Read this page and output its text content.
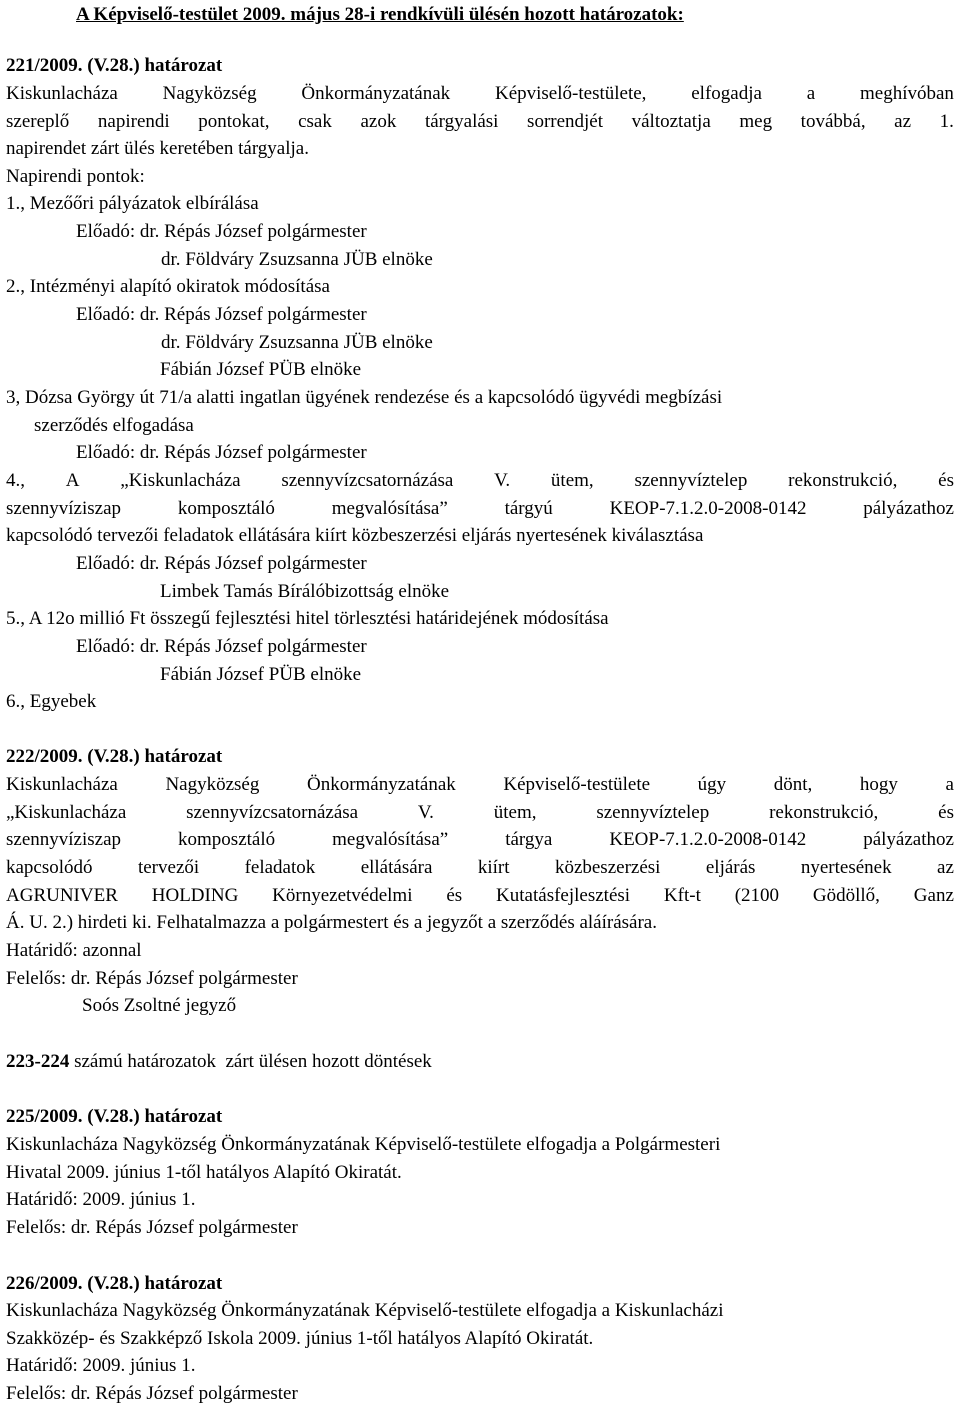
A Képviselő-testület 2009. május 28-i rendkívüli ülésén hozott határozatok:
221/2009. (V.28.) határozat
Kiskunlacháza Nagyközség Önkormányzatának Képviselő-testülete, elfogadja a meghívóban
szereplő napirendi pontokat, csak azok tárgyalási sorrendjét változtatja meg továbbá, az 1.
napirendet zárt ülés keretében tárgyalja.
Napirendi pontok:
1., Mezőőri pályázatok elbírálása
Előadó: dr. Répás József polgármester
dr. Földváry Zsuzsanna JÜB elnöke
2., Intézményi alapító okiratok módosítása
Előadó: dr. Répás József polgármester
dr. Földváry Zsuzsanna JÜB elnöke
Fábián József PÜB elnöke
3, Dózsa György út 71/a alatti ingatlan ügyének rendezése és a kapcsolódó ügyvédi megbízási
szerződés elfogadása
Előadó: dr. Répás József polgármester
4., A „Kiskunlacháza szennyvízcsatornázása V. ütem, szennyvíztelep rekonstrukció, és
szennyvíziszap	komposztáló	megvalósítása”	tárgyú	KEOP-7.1.2.0-2008-0142	pályázathoz
kapcsolódó tervezői feladatok ellátására kiírt közbeszerzési eljárás nyertesének kiválasztása
Előadó: dr. Répás József polgármester
Limbek Tamás Bírálóbizottság elnöke
5., A 12o millió Ft összegű fejlesztési hitel törlesztési határidejének módosítása
Előadó: dr. Répás József polgármester
Fábián József PÜB elnöke
6., Egyebek
222/2009. (V.28.) határozat
Kiskunlacháza	Nagyközség	Önkormányzatának	Képviselő-testülete	úgy	dönt,	hogy	a
„Kiskunlacháza	szennyvízcsatornázása	V.	ütem,	szennyvíztelep	rekonstrukció,	és
szennyvíziszap	komposztáló	megvalósítása”	tárgya	KEOP-7.1.2.0-2008-0142	pályázathoz
kapcsolódó tervezői feladatok ellátására kiírt közbeszerzési eljárás nyertesének az
AGRUNIVER HOLDING Környezetvédelmi és Kutatásfejlesztési Kft-t (2100 Gödöllő, Ganz
Á. U. 2.) hirdeti ki. Felhatalmazza a polgármestert és a jegyzőt a szerződés aláírására.
Határidő: azonnal
Felelős: dr. Répás József polgármester
Soós Zsoltné jegyző
223-224 számú határozatok  zárt ülésen hozott döntések
225/2009. (V.28.) határozat
Kiskunlacháza Nagyközség Önkormányzatának Képviselő-testülete elfogadja a Polgármesteri
Hivatal 2009. június 1-től hatályos Alapító Okiratát.
Határidő: 2009. június 1.
Felelős: dr. Répás József polgármester
226/2009. (V.28.) határozat
Kiskunlacháza Nagyközség Önkormányzatának Képviselő-testülete elfogadja a Kiskunlacházi
Szakközép- és Szakképző Iskola 2009. június 1-től hatályos Alapító Okiratát.
Határidő: 2009. június 1.
Felelős: dr. Répás József polgármester
